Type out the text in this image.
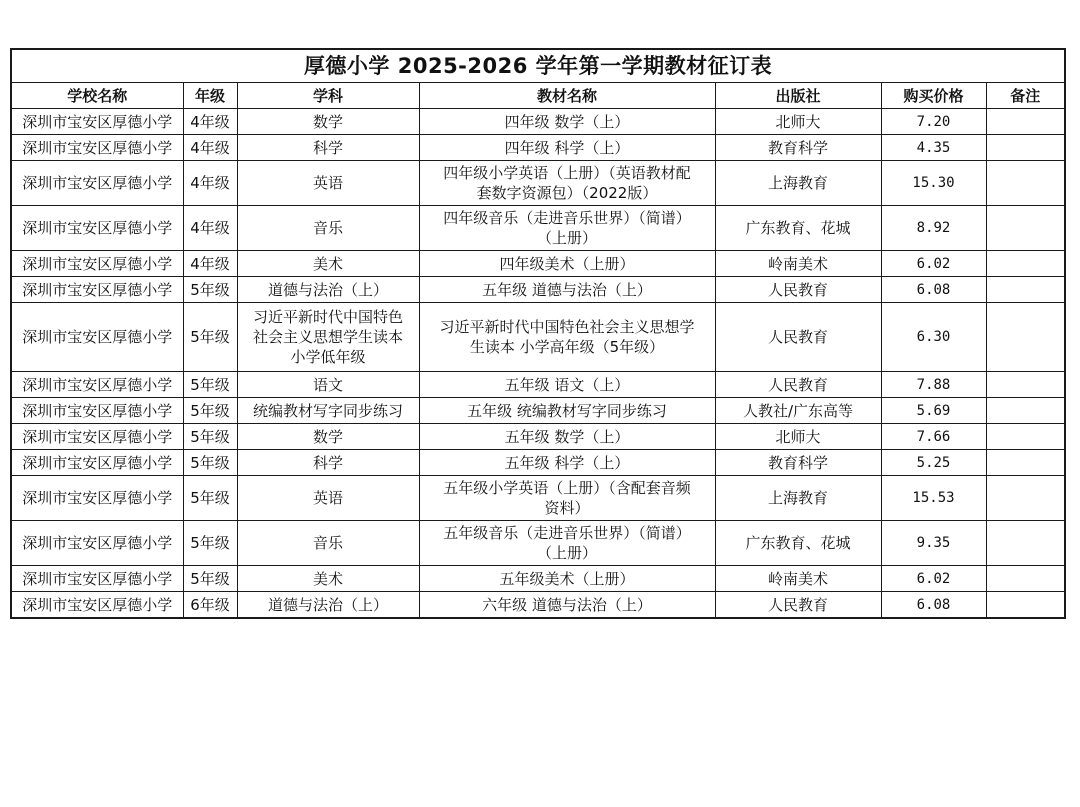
厚德小学 2025-2026 学年第一学期教材征订表						
学校名称	年级	学科	教材名称	出版社	购买价格	备注
深圳市宝安区厚德小学	4年级	数学	四年级 数学（上）	北师大	7.20	
深圳市宝安区厚德小学	4年级	科学	四年级 科学（上）	教育科学	4.35	
深圳市宝安区厚德小学	4年级	英语	四年级小学英语（上册）（英语教材配
套数字资源包）（2022版）	上海教育	15.30	
深圳市宝安区厚德小学	4年级	音乐	四年级音乐（走进音乐世界）（简谱）
（上册）	广东教育、花城	8.92	
深圳市宝安区厚德小学	4年级	美术	四年级美术（上册）	岭南美术	6.02	
深圳市宝安区厚德小学	5年级	道德与法治（上）	五年级 道德与法治（上）	人民教育	6.08	
深圳市宝安区厚德小学	5年级	习近平新时代中国特色
社会主义思想学生读本
小学低年级	习近平新时代中国特色社会主义思想学
生读本 小学高年级（5年级）	人民教育	6.30	
深圳市宝安区厚德小学	5年级	语文	五年级 语文（上）	人民教育	7.88	
深圳市宝安区厚德小学	5年级	统编教材写字同步练习	五年级 统编教材写字同步练习	人教社/广东高等	5.69	
深圳市宝安区厚德小学	5年级	数学	五年级 数学（上）	北师大	7.66	
深圳市宝安区厚德小学	5年级	科学	五年级 科学（上）	教育科学	5.25	
深圳市宝安区厚德小学	5年级	英语	五年级小学英语（上册）（含配套音频
资料）	上海教育	15.53	
深圳市宝安区厚德小学	5年级	音乐	五年级音乐（走进音乐世界）（简谱）
（上册）	广东教育、花城	9.35	
深圳市宝安区厚德小学	5年级	美术	五年级美术（上册）	岭南美术	6.02	
深圳市宝安区厚德小学	6年级	道德与法治（上）	六年级 道德与法治（上）	人民教育	6.08	
